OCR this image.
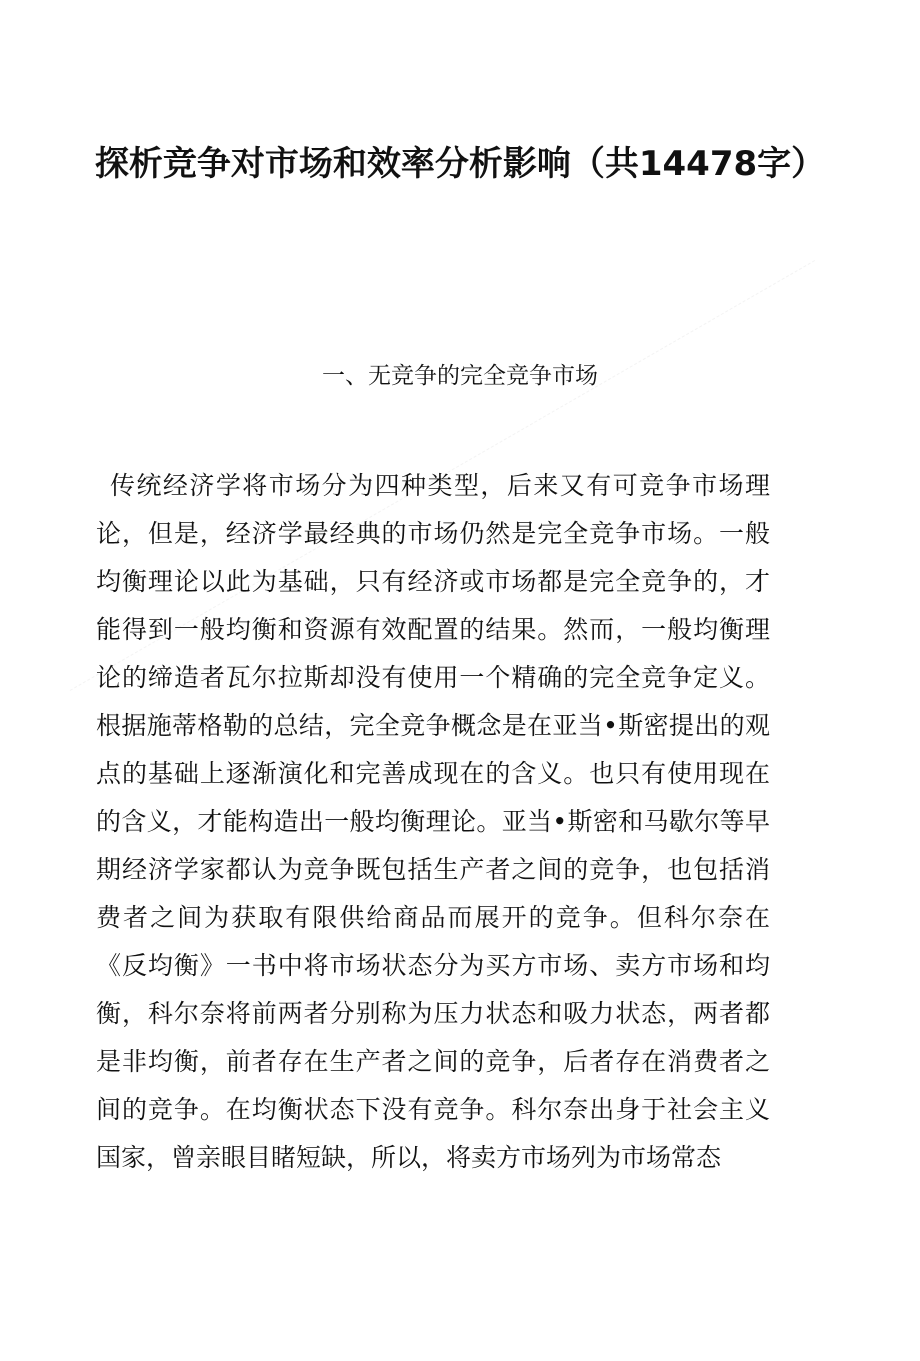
探析竞争对市场和效率分析影响（共14478字）
一、无竞争的完全竞争市场

传统经济学将市场分为四种类型，后来又有可竞争市场理论，但是，经济学最经典的市场仍然是完全竞争市场。一般均衡理论以此为基础，只有经济或市场都是完全竞争的，才能得到一般均衡和资源有效配置的结果。然而，一般均衡理论的缔造者瓦尔拉斯却没有使用一个精确的完全竞争定义。根据施蒂格勒的总结，完全竞争概念是在亚当•斯密提出的观点的基础上逐渐演化和完善成现在的含义。也只有使用现在的含义，才能构造出一般均衡理论。亚当•斯密和马歇尔等早期经济学家都认为竞争既包括生产者之间的竞争，也包括消费者之间为获取有限供给商品而展开的竞争。但科尔奈在《反均衡》一书中将市场状态分为买方市场、卖方市场和均衡，科尔奈将前两者分别称为压力状态和吸力状态，两者都是非均衡，前者存在生产者之间的竞争，后者存在消费者之间的竞争。在均衡状态下没有竞争。科尔奈出身于社会主义国家，曾亲眼目睹短缺，所以，将卖方市场列为市场常态
